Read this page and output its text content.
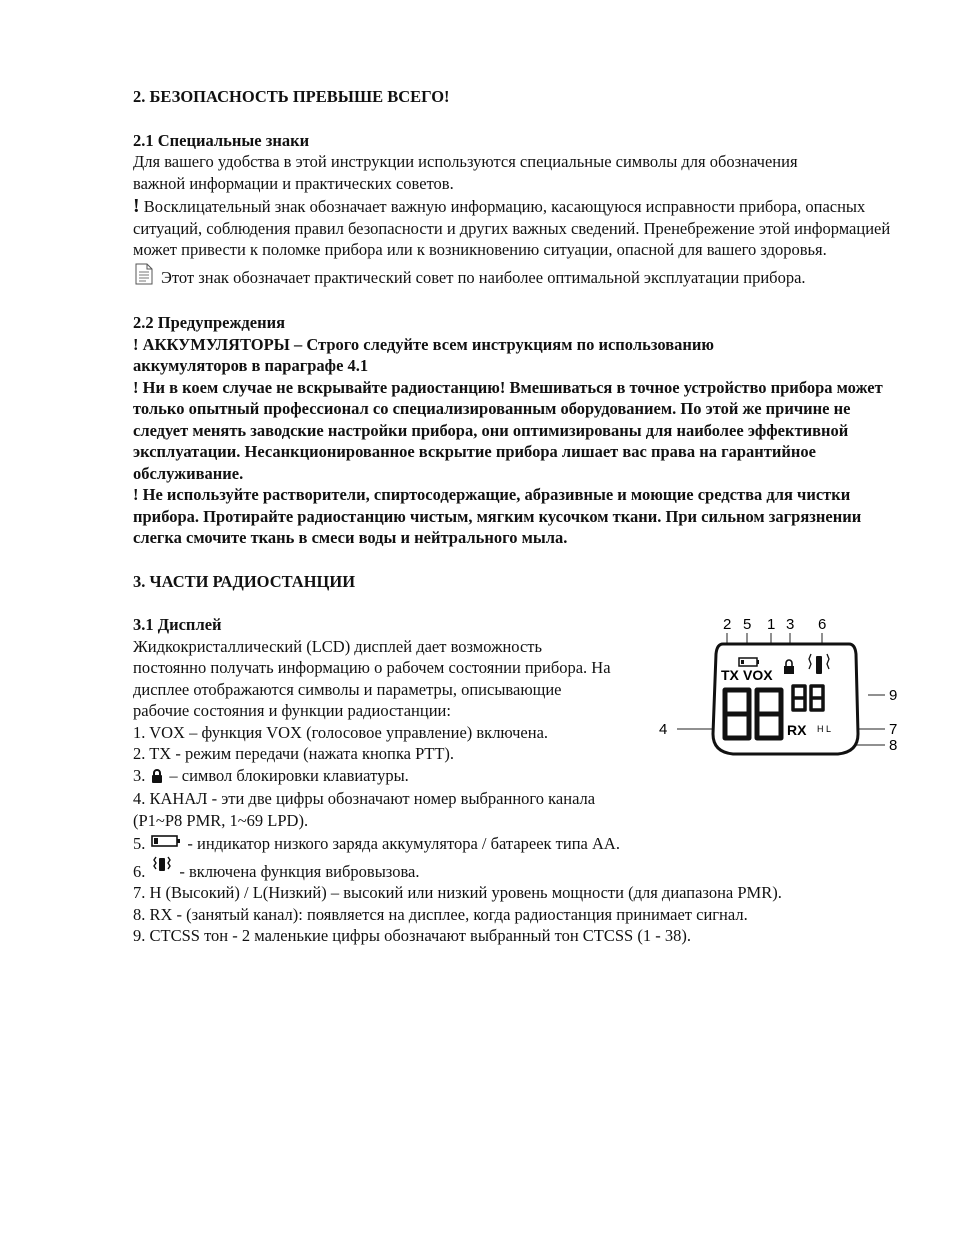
2. БЕЗОПАСНОСТЬ ПРЕВЫШЕ ВСЕГО!

2.1 Специальные знаки

Для вашего удобства в этой инструкции используются специальные символы для обозначения важной информации и практических советов.

! Восклицательный знак обозначает важную информацию, касающуюся исправности прибора, опасных ситуаций, соблюдения правил безопасности и других важных сведений. Пренебрежение этой информацией может привести к поломке прибора или к возникновению ситуации, опасной для вашего здоровья.

Этот знак обозначает практический совет по наиболее оптимальной эксплуатации прибора.

2.2 Предупреждения

! АККУМУЛЯТОРЫ – Строго следуйте всем инструкциям по использованию аккумуляторов в параграфе 4.1

! Ни в коем случае не вскрывайте радиостанцию! Вмешиваться в точное устройство прибора может только опытный профессионал со специализированным оборудованием. По этой же причине не следует менять заводские настройки прибора, они оптимизированы для наиболее эффективной эксплуатации. Несанкционированное вскрытие прибора лишает вас права на гарантийное обслуживание.

! Не используйте растворители, спиртосодержащие, абразивные и моющие средства для чистки прибора. Протирайте радиостанцию чистым, мягким кусочком ткани. При сильном загрязнении слегка смочите ткань в смеси воды и нейтрального мыла.

3. ЧАСТИ РАДИОСТАНЦИИ

3.1 Дисплей

Жидкокристаллический (LCD) дисплей дает возможность постоянно получать информацию о рабочем состоянии прибора. На дисплее отображаются символы и параметры, описывающие рабочие состояния и функции радиостанции:

1. VOX – функция VOX (голосовое управление) включена.

2. TX - режим передачи (нажата кнопка PTT).

3. – символ блокировки клавиатуры.

4. КАНАЛ - эти две цифры обозначают номер выбранного канала (P1~P8 PMR, 1~69 LPD).

5.	- индикатор низкого заряда аккумулятора / батареек типа АА.

6. - включена функция вибровызова.

7. H (Высокий) / L(Низкий) – высокий или низкий уровень мощности (для диапазона PMR).

8. RX - (занятый канал): появляется на дисплее, когда радиостанция принимает сигнал.

9. CTCSS тон - 2 маленькие цифры обозначают выбранный тон CTCSS (1 - 38).

2 5 1 3 6
9
4	7
8
TX VOX
RX H L
